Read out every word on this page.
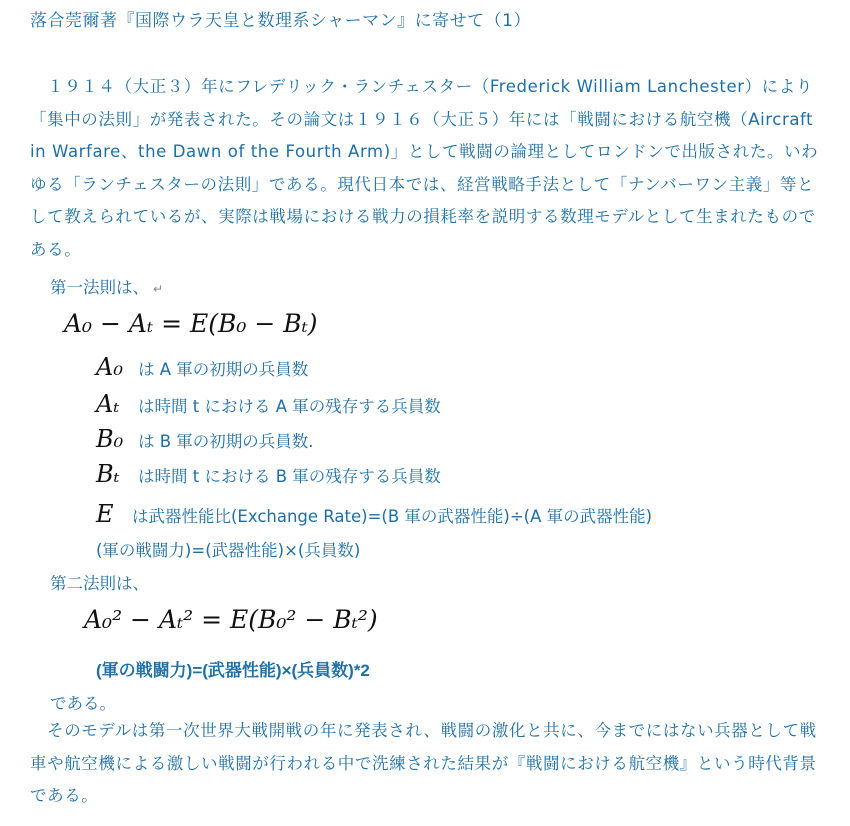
落合莞爾著『国際ウラ天皇と数理系シャーマン』に寄せて（1）
　１９１４（大正３）年にフレデリック・ランチェスター（Frederick William Lanchester）により「集中の法則」が発表された。その論文は１９１６（大正５）年には「戦闘における航空機（Aircraft in Warfare、the Dawn of the Fourth Arm)」として戦闘の論理としてロンドンで出版された。いわゆる「ランチェスターの法則」である。現代日本では、経営戦略手法として「ナンバーワン主義」等として教えられているが、実際は戦場における戦力の損耗率を説明する数理モデルとして生まれたものである。
第一法則は、 ↵
A₀ − Aₜ = E(B₀ − Bₜ)
A₀ は A 軍の初期の兵員数
Aₜ は時間 t における A 軍の残存する兵員数
B₀ は B 軍の初期の兵員数.
Bₜ は時間 t における B 軍の残存する兵員数
E は武器性能比(Exchange Rate)=(B 軍の武器性能)÷(A 軍の武器性能)
(軍の戦闘力)=(武器性能)×(兵員数)
第二法則は、
A₀² − Aₜ² = E(B₀² − Bₜ²)
(軍の戦闘力)=(武器性能)×(兵員数)*2
である。
　そのモデルは第一次世界大戦開戦の年に発表され、戦闘の激化と共に、今までにはない兵器として戦車や航空機による激しい戦闘が行われる中で洗練された結果が『戦闘における航空機』という時代背景である。
